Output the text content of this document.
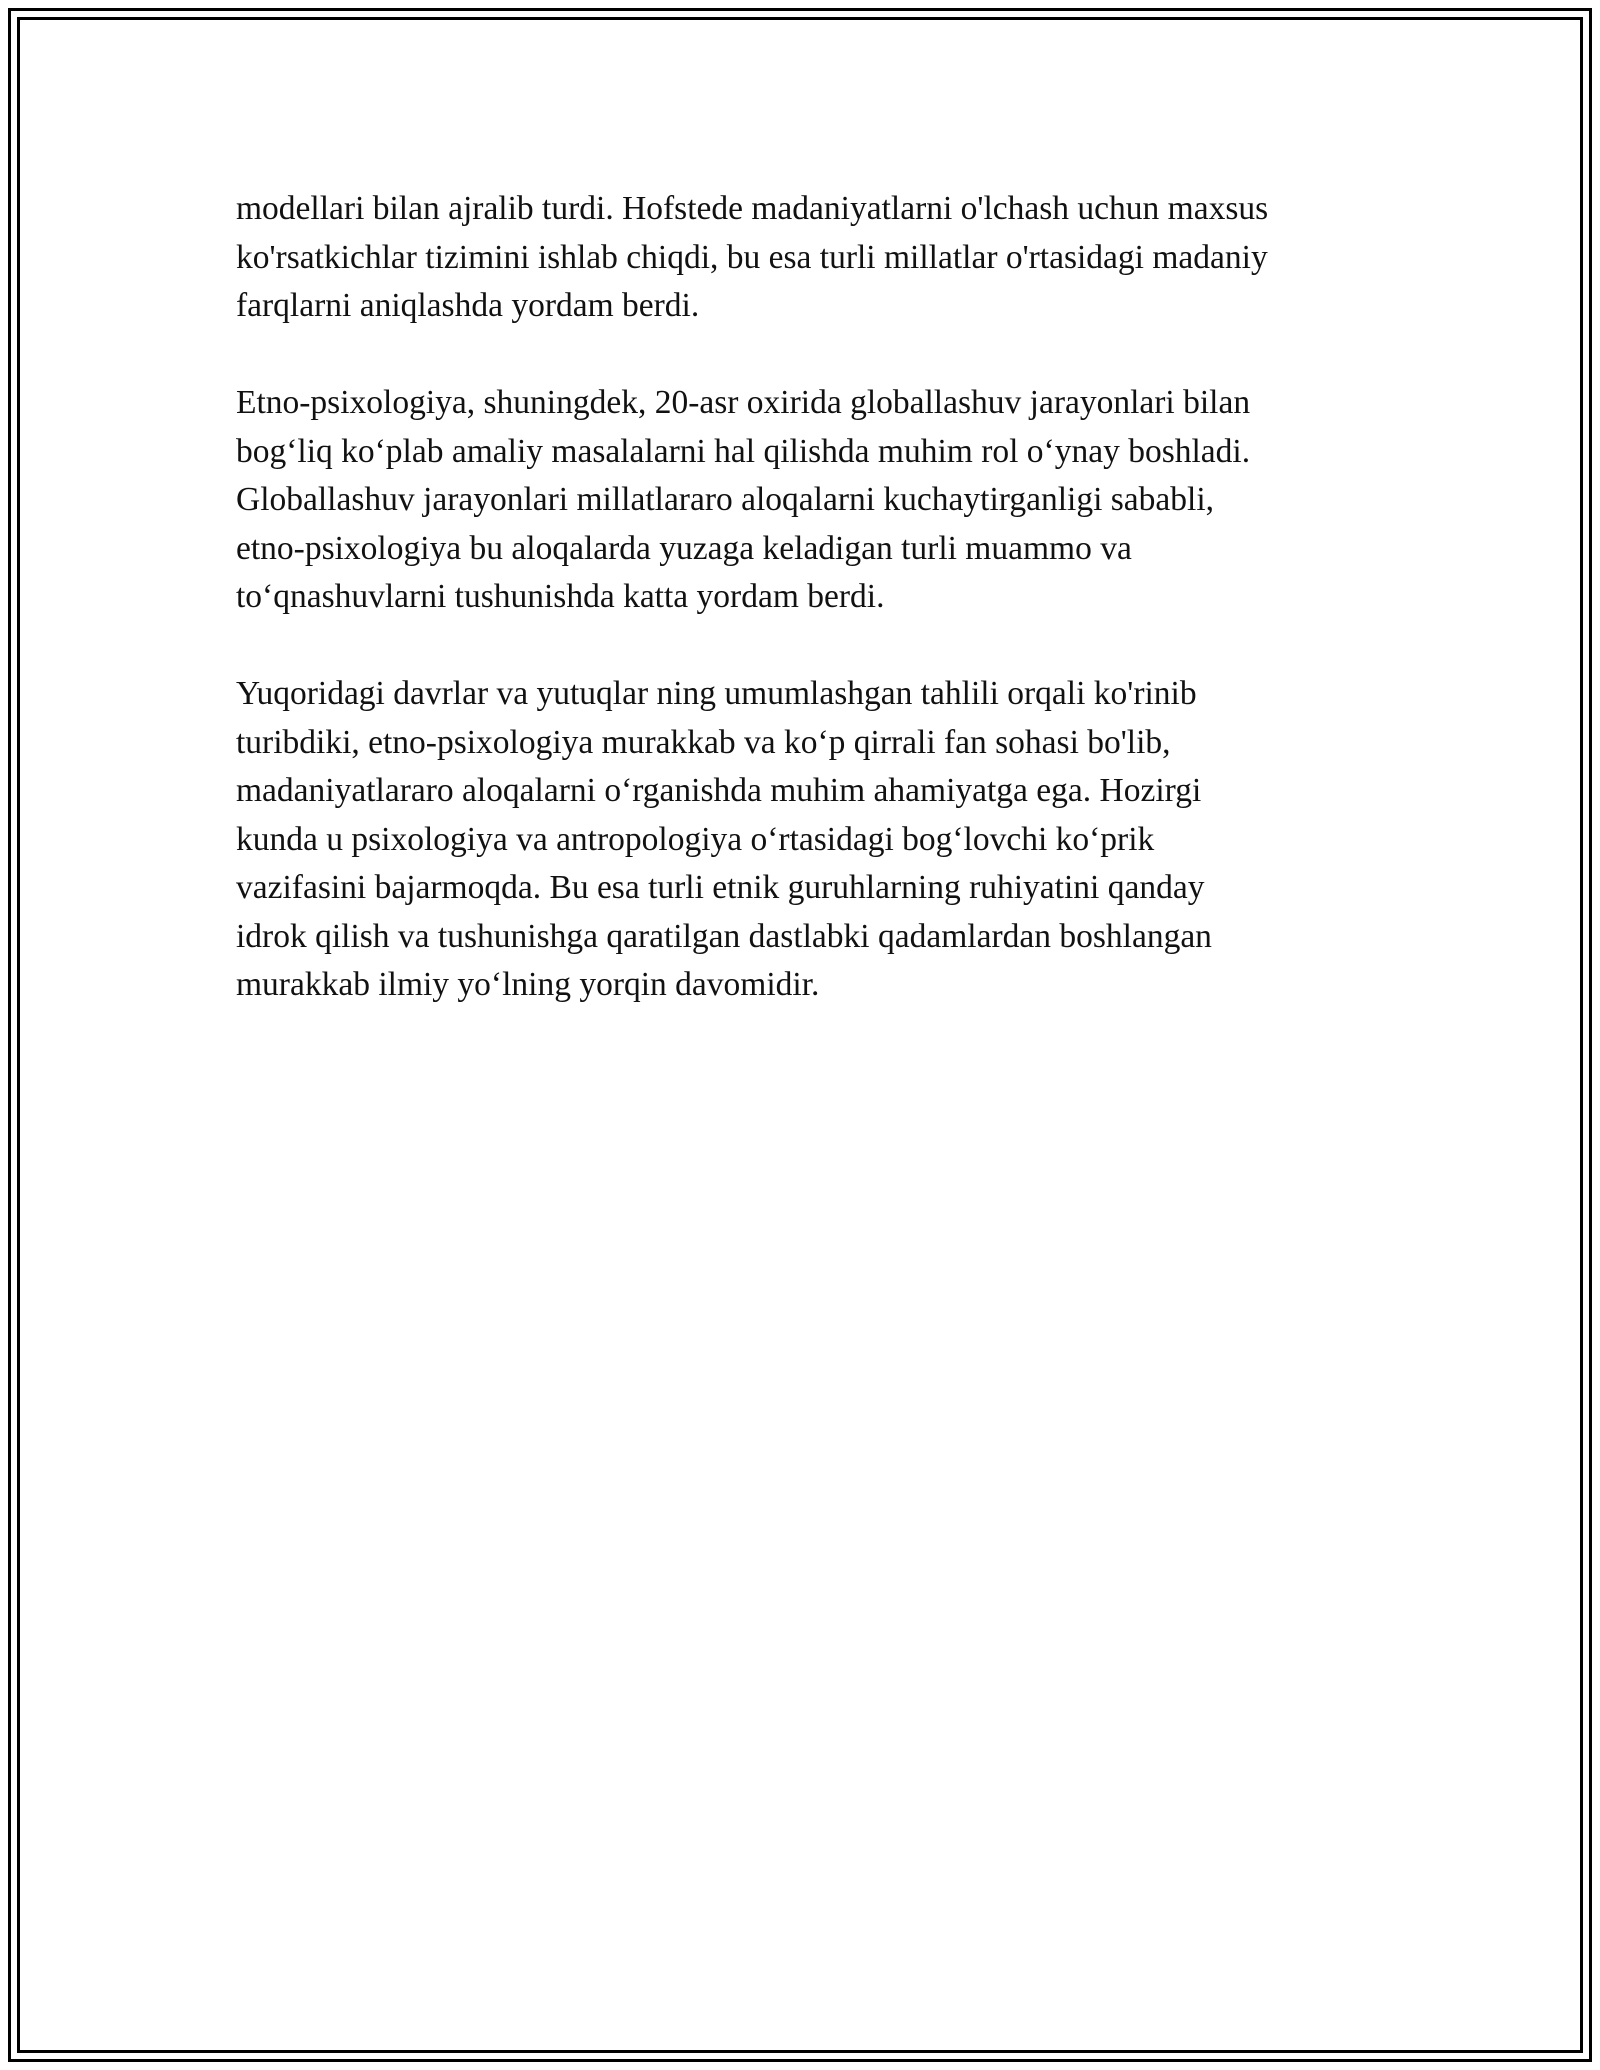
modellari bilan ajralib turdi. Hofstede madaniyatlarni o'lchash uchun maxsus
ko'rsatkichlar tizimini ishlab chiqdi, bu esa turli millatlar o'rtasidagi madaniy
farqlarni aniqlashda yordam berdi.

Etno-psixologiya, shuningdek, 20-asr oxirida globallashuv jarayonlari bilan
bog‘liq ko‘plab amaliy masalalarni hal qilishda muhim rol o‘ynay boshladi.
Globallashuv jarayonlari millatlararo aloqalarni kuchaytirganligi sababli,
etno-psixologiya bu aloqalarda yuzaga keladigan turli muammo va
to‘qnashuvlarni tushunishda katta yordam berdi.

Yuqoridagi davrlar va yutuqlar ning umumlashgan tahlili orqali ko'rinib
turibdiki, etno-psixologiya murakkab va ko‘p qirrali fan sohasi bo'lib,
madaniyatlararo aloqalarni o‘rganishda muhim ahamiyatga ega. Hozirgi
kunda u psixologiya va antropologiya o‘rtasidagi bog‘lovchi ko‘prik
vazifasini bajarmoqda. Bu esa turli etnik guruhlarning ruhiyatini qanday
idrok qilish va tushunishga qaratilgan dastlabki qadamlardan boshlangan
murakkab ilmiy yo‘lning yorqin davomidir.
